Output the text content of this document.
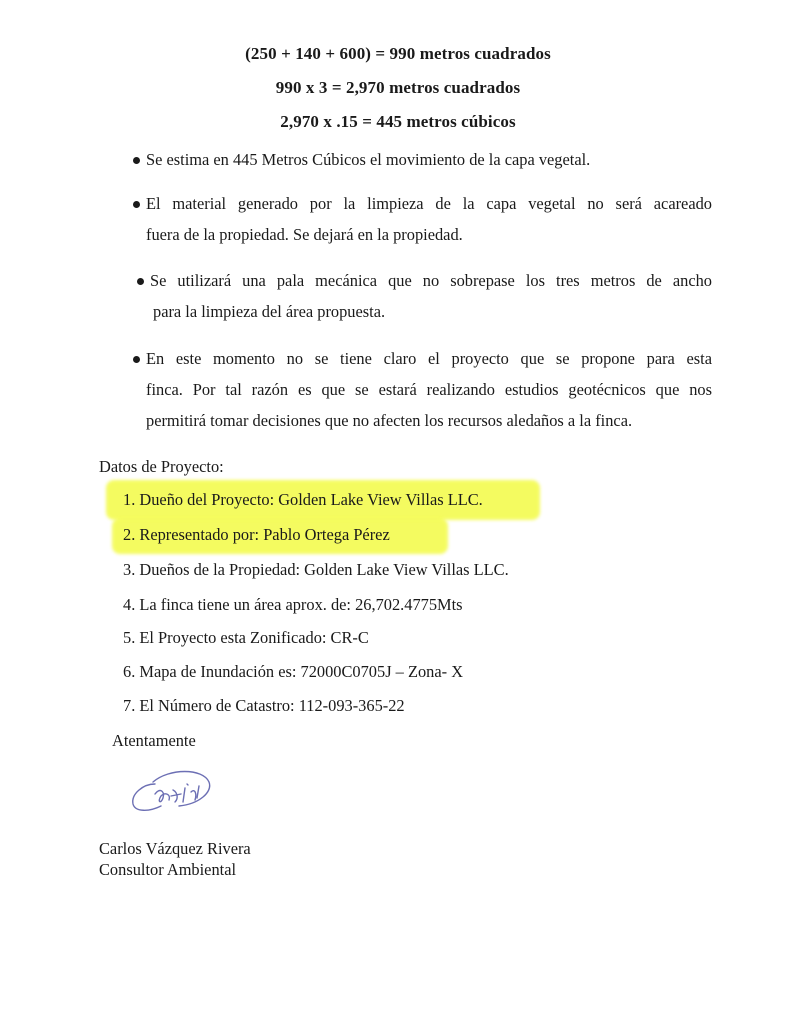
(250 + 140 + 600) = 990 metros cuadrados
990 x 3 = 2,970 metros cuadrados
2,970 x .15 = 445 metros cúbicos
Se estima en 445 Metros Cúbicos el movimiento de la capa vegetal.
El material generado por la limpieza de la capa vegetal no será acareado
fuera de la propiedad. Se dejará en la propiedad.
Se utilizará una pala mecánica que no sobrepase los tres metros de ancho
para la limpieza del área propuesta.
En este momento no se tiene claro el proyecto que se propone para esta
finca. Por tal razón es que se estará realizando estudios geotécnicos que nos
permitirá tomar decisiones que no afecten los recursos aledaños a la finca.
Datos de Proyecto:
1. Dueño del Proyecto: Golden Lake View Villas LLC.
2. Representado por: Pablo Ortega Pérez
3. Dueños de la Propiedad: Golden Lake View Villas LLC.
4. La finca tiene un área aprox. de: 26,702.4775Mts
5. El Proyecto esta Zonificado: CR-C
6. Mapa de Inundación es: 72000C0705J – Zona- X
7. El Número de Catastro: 112-093-365-22
Atentamente
Carlos Vázquez Rivera
Consultor Ambiental
